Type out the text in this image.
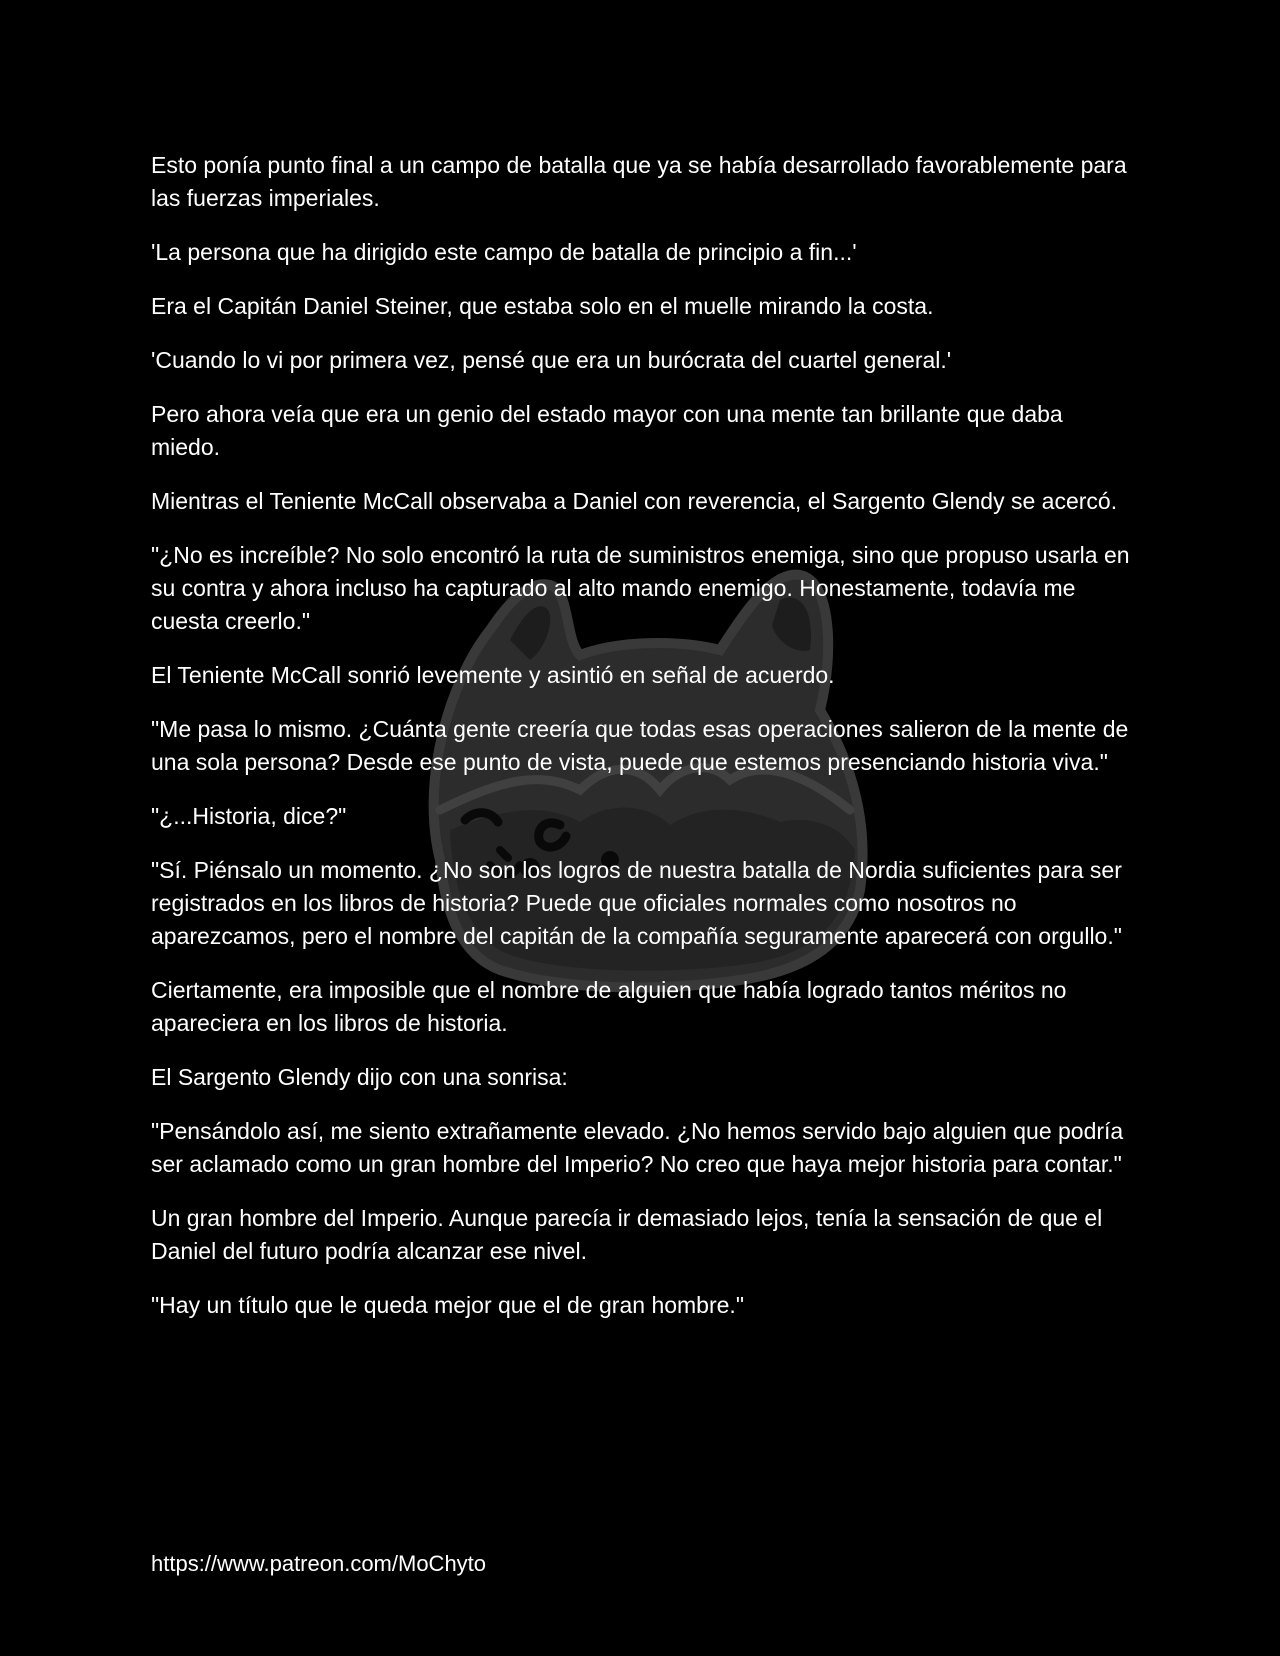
Esto ponía punto final a un campo de batalla que ya se había desarrollado favorablemente para las fuerzas imperiales.

'La persona que ha dirigido este campo de batalla de principio a fin...'

Era el Capitán Daniel Steiner, que estaba solo en el muelle mirando la costa.

'Cuando lo vi por primera vez, pensé que era un burócrata del cuartel general.'

Pero ahora veía que era un genio del estado mayor con una mente tan brillante que daba miedo.

Mientras el Teniente McCall observaba a Daniel con reverencia, el Sargento Glendy se acercó.

"¿No es increíble? No solo encontró la ruta de suministros enemiga, sino que propuso usarla en su contra y ahora incluso ha capturado al alto mando enemigo. Honestamente, todavía me cuesta creerlo."

El Teniente McCall sonrió levemente y asintió en señal de acuerdo.

"Me pasa lo mismo. ¿Cuánta gente creería que todas esas operaciones salieron de la mente de una sola persona? Desde ese punto de vista, puede que estemos presenciando historia viva."

"¿...Historia, dice?"

"Sí. Piénsalo un momento. ¿No son los logros de nuestra batalla de Nordia suficientes para ser registrados en los libros de historia? Puede que oficiales normales como nosotros no aparezcamos, pero el nombre del capitán de la compañía seguramente aparecerá con orgullo."

Ciertamente, era imposible que el nombre de alguien que había logrado tantos méritos no apareciera en los libros de historia.

El Sargento Glendy dijo con una sonrisa:

"Pensándolo así, me siento extrañamente elevado. ¿No hemos servido bajo alguien que podría ser aclamado como un gran hombre del Imperio? No creo que haya mejor historia para contar."

Un gran hombre del Imperio. Aunque parecía ir demasiado lejos, tenía la sensación de que el Daniel del futuro podría alcanzar ese nivel.

"Hay un título que le queda mejor que el de gran hombre."

https://www.patreon.com/MoChyto
